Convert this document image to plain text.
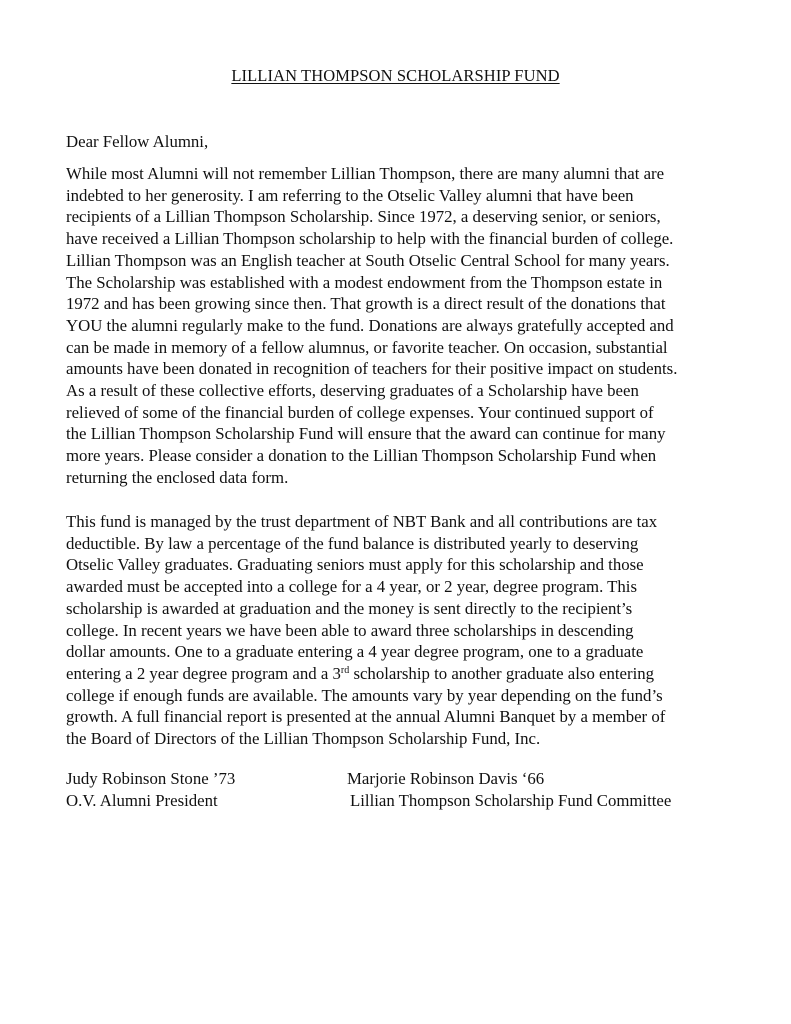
LILLIAN THOMPSON SCHOLARSHIP FUND
Dear Fellow Alumni,
While most Alumni will not remember Lillian Thompson, there are many alumni that are
indebted to her generosity. I am referring to the Otselic Valley alumni that have been
recipients of a Lillian Thompson Scholarship. Since 1972, a deserving senior, or seniors,
have received a Lillian Thompson scholarship to help with the financial burden of college.
Lillian Thompson was an English teacher at South Otselic Central School for many years.
The Scholarship was established with a modest endowment from the Thompson estate in
1972 and has been growing since then. That growth is a direct result of the donations that
YOU the alumni regularly make to the fund. Donations are always gratefully accepted and
can be made in memory of a fellow alumnus, or favorite teacher. On occasion, substantial
amounts have been donated in recognition of teachers for their positive impact on students.
As a result of these collective efforts, deserving graduates of a Scholarship have been
relieved of some of the financial burden of college expenses. Your continued support of
the Lillian Thompson Scholarship Fund will ensure that the award can continue for many
more years. Please consider a donation to the Lillian Thompson Scholarship Fund when
returning the enclosed data form.
This fund is managed by the trust department of NBT Bank and all contributions are tax
deductible. By law a percentage of the fund balance is distributed yearly to deserving
Otselic Valley graduates. Graduating seniors must apply for this scholarship and those
awarded must be accepted into a college for a 4 year, or 2 year, degree program. This
scholarship is awarded at graduation and the money is sent directly to the recipient’s
college. In recent years we have been able to award three scholarships in descending
dollar amounts. One to a graduate entering a 4 year degree program, one to a graduate
entering a 2 year degree program and a 3rd scholarship to another graduate also entering
college if enough funds are available. The amounts vary by year depending on the fund’s
growth. A full financial report is presented at the annual Alumni Banquet by a member of
the Board of Directors of the Lillian Thompson Scholarship Fund, Inc.
Judy Robinson Stone ’73
O.V. Alumni President
Marjorie Robinson Davis ‘66
Lillian Thompson Scholarship Fund Committee
